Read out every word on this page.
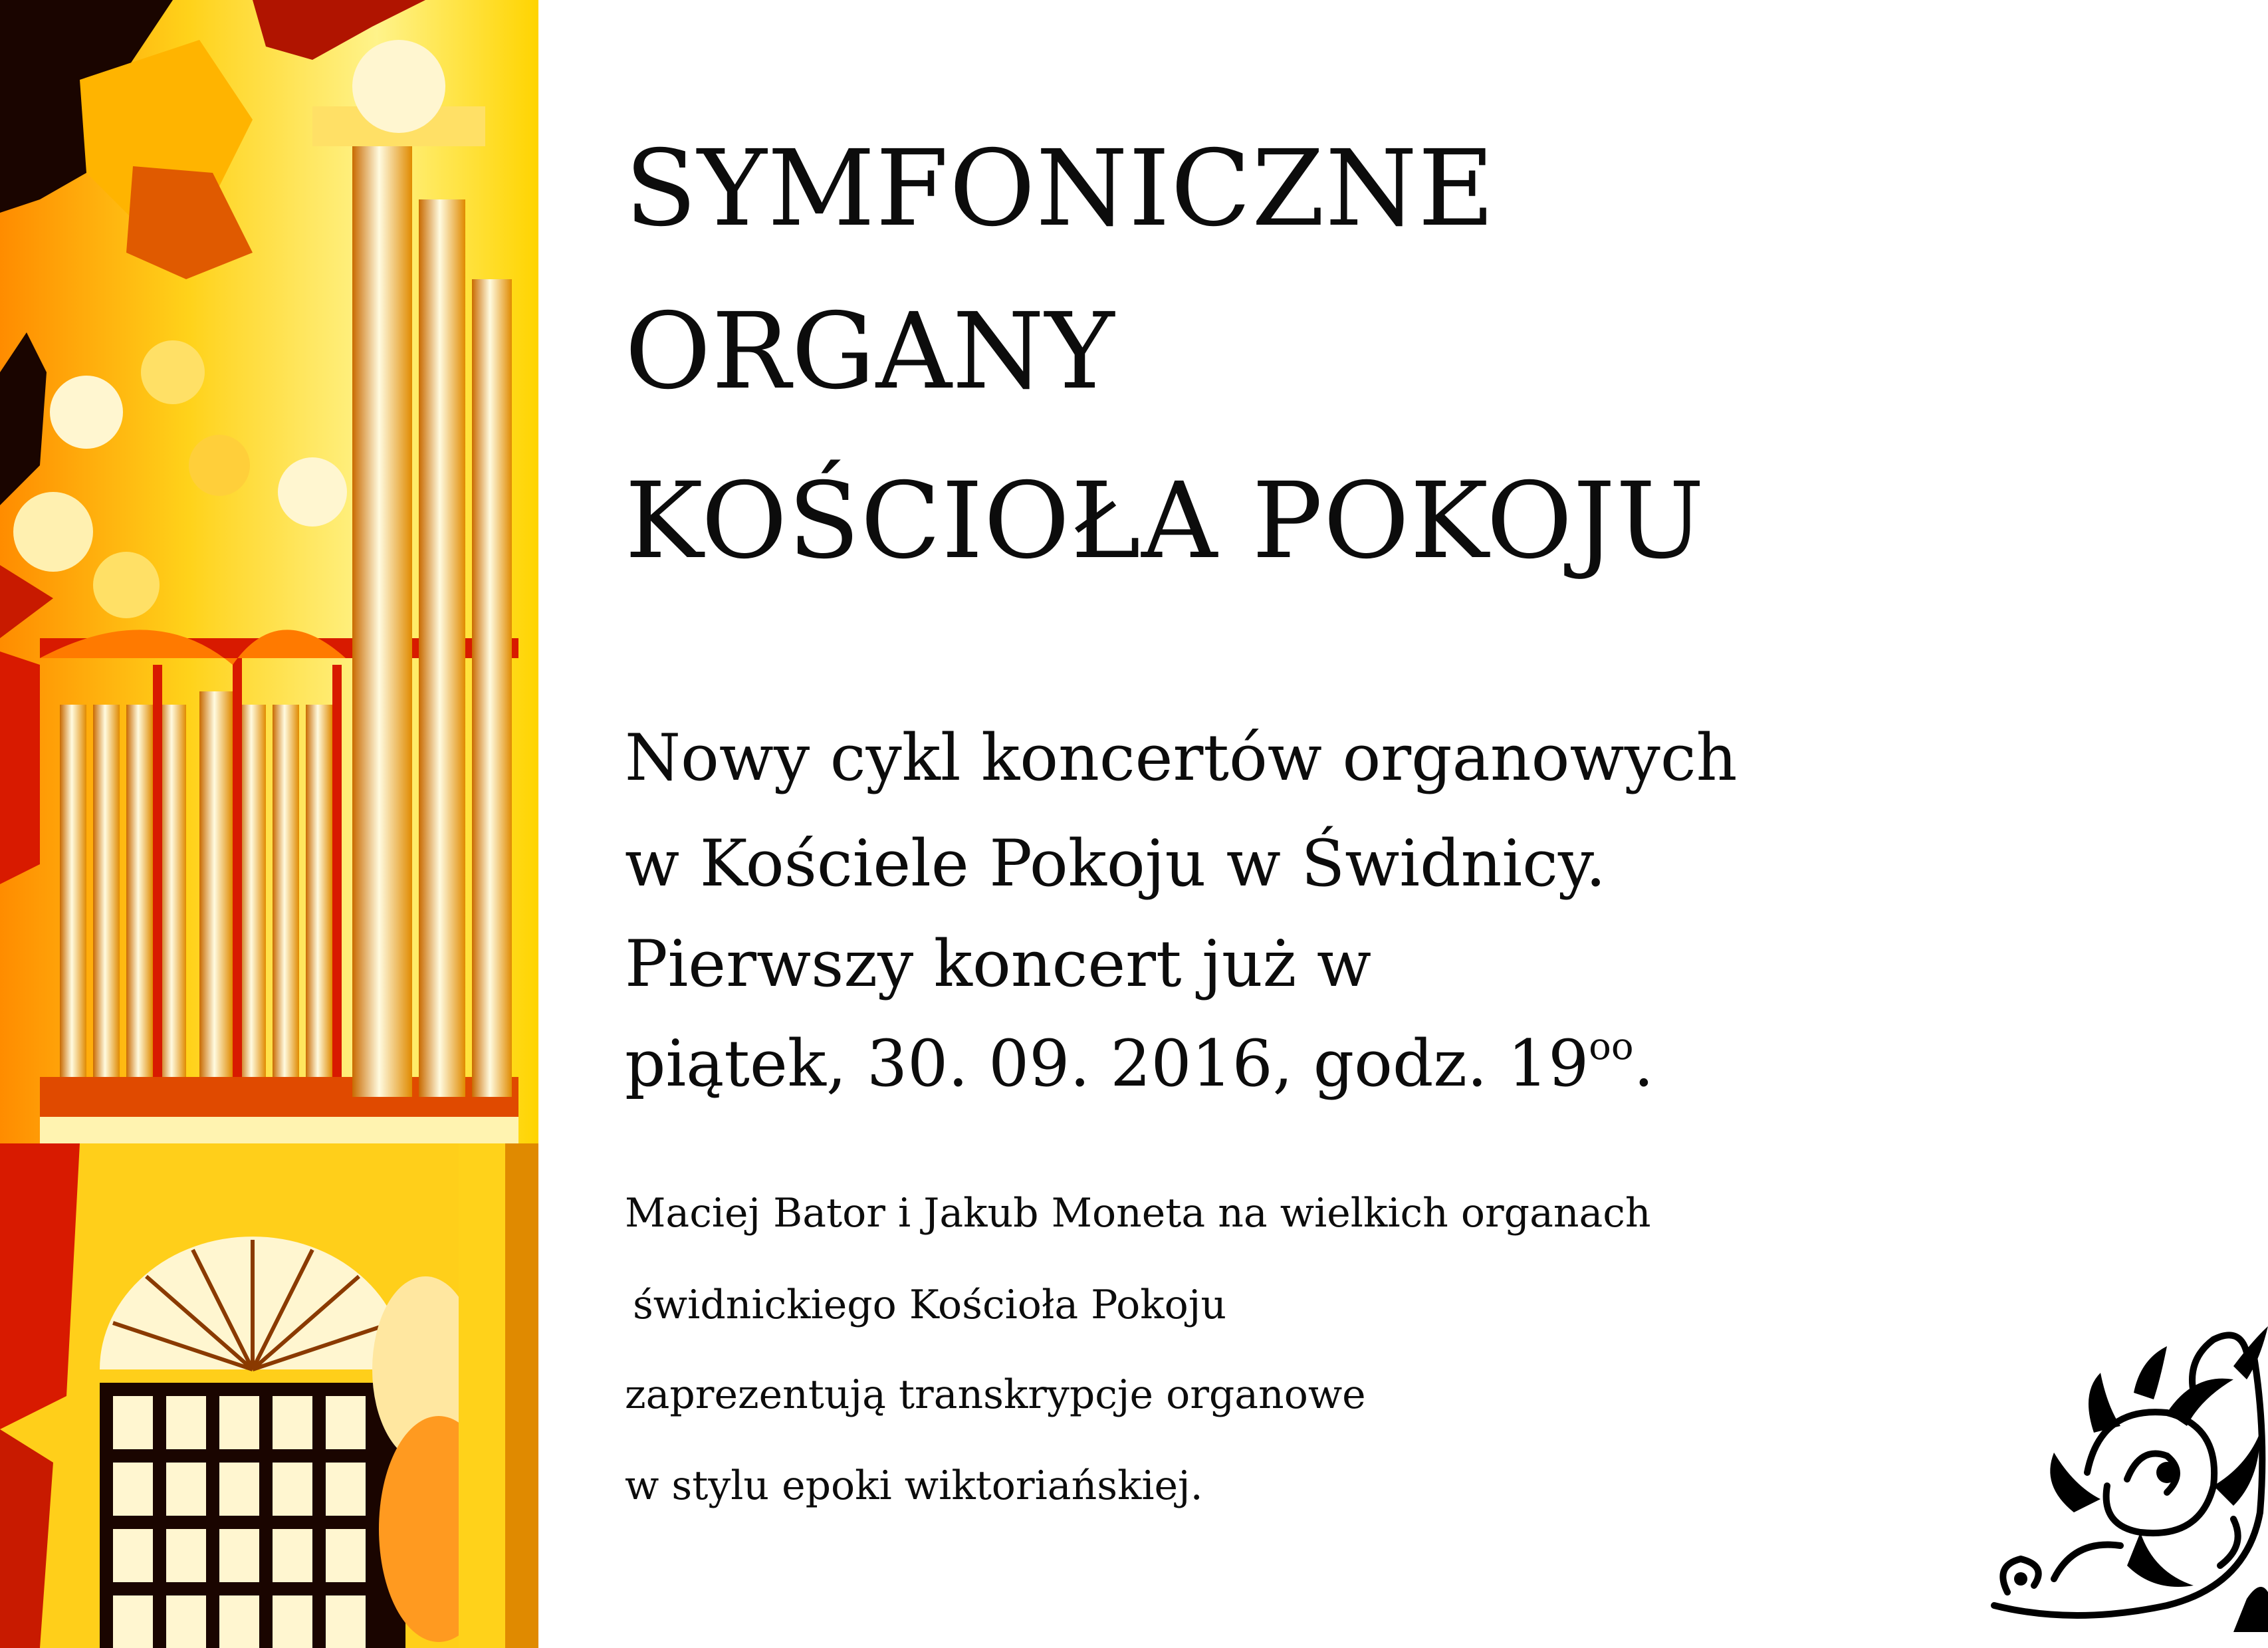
SYMFONICZNE
ORGANY
KOŚCIOŁA POKOJU
Nowy cykl koncertów organowych
w Kościele Pokoju w Świdnicy.
Pierwszy koncert już w
piątek, 30. 09. 2016, godz. $19^{oo}$.
Maciej Bator i Jakub Moneta na wielkich organach
świdnickiego Kościoła Pokoju
zaprezentują transkrypcje organowe
w stylu epoki wiktoriańskiej.
